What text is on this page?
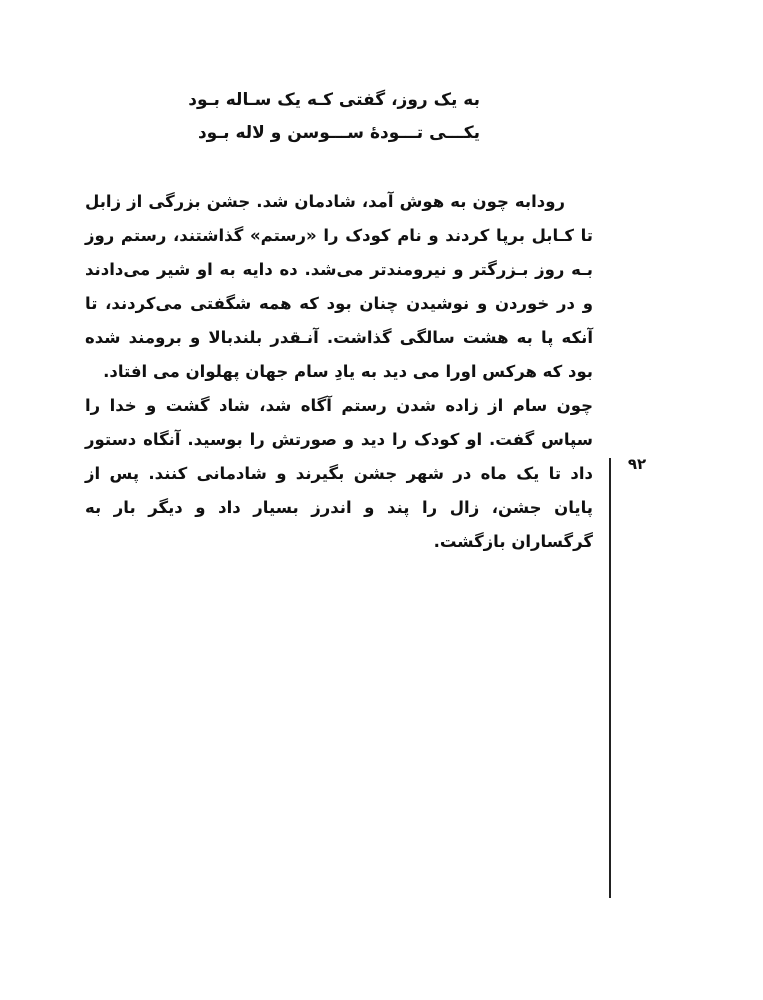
به یک روز، گفتی کـه یک سـاله بـود
یکـــی تـــودهٔ ســـوسن و لاله بـود

رودابه چون به هوش آمد، شادمان شد. جشن بزرگی از زابل تا کـابل برپا کردند و نام کودک را «رستم» گذاشتند، رستم روز بـه روز بـزرگتر و نیرومندتر می‌شد. ده دایه به او شیر می‌دادند و در خوردن و نوشیدن چنان بود که همه شگفتی می‌کردند، تا آنکه پا به هشت سالگی گذاشت. آنـقدر بلندبالا و برومند شده بود که هرکس اورا می دید به یادِ سام جهان پهلوان می افتاد.

چون سام از زاده شدن رستم آگاه شد، شاد گشت و خدا را سپاس گفت. او کودک را دید و صورتش را بوسید. آنگاه دستور داد تا یک ماه در شهر جشن بگیرند و شادمانی کنند. پس از پایان جشن، زال را پند و اندرز بسیار داد و دیگر بار به گرگساران بازگشت.

۹۲
